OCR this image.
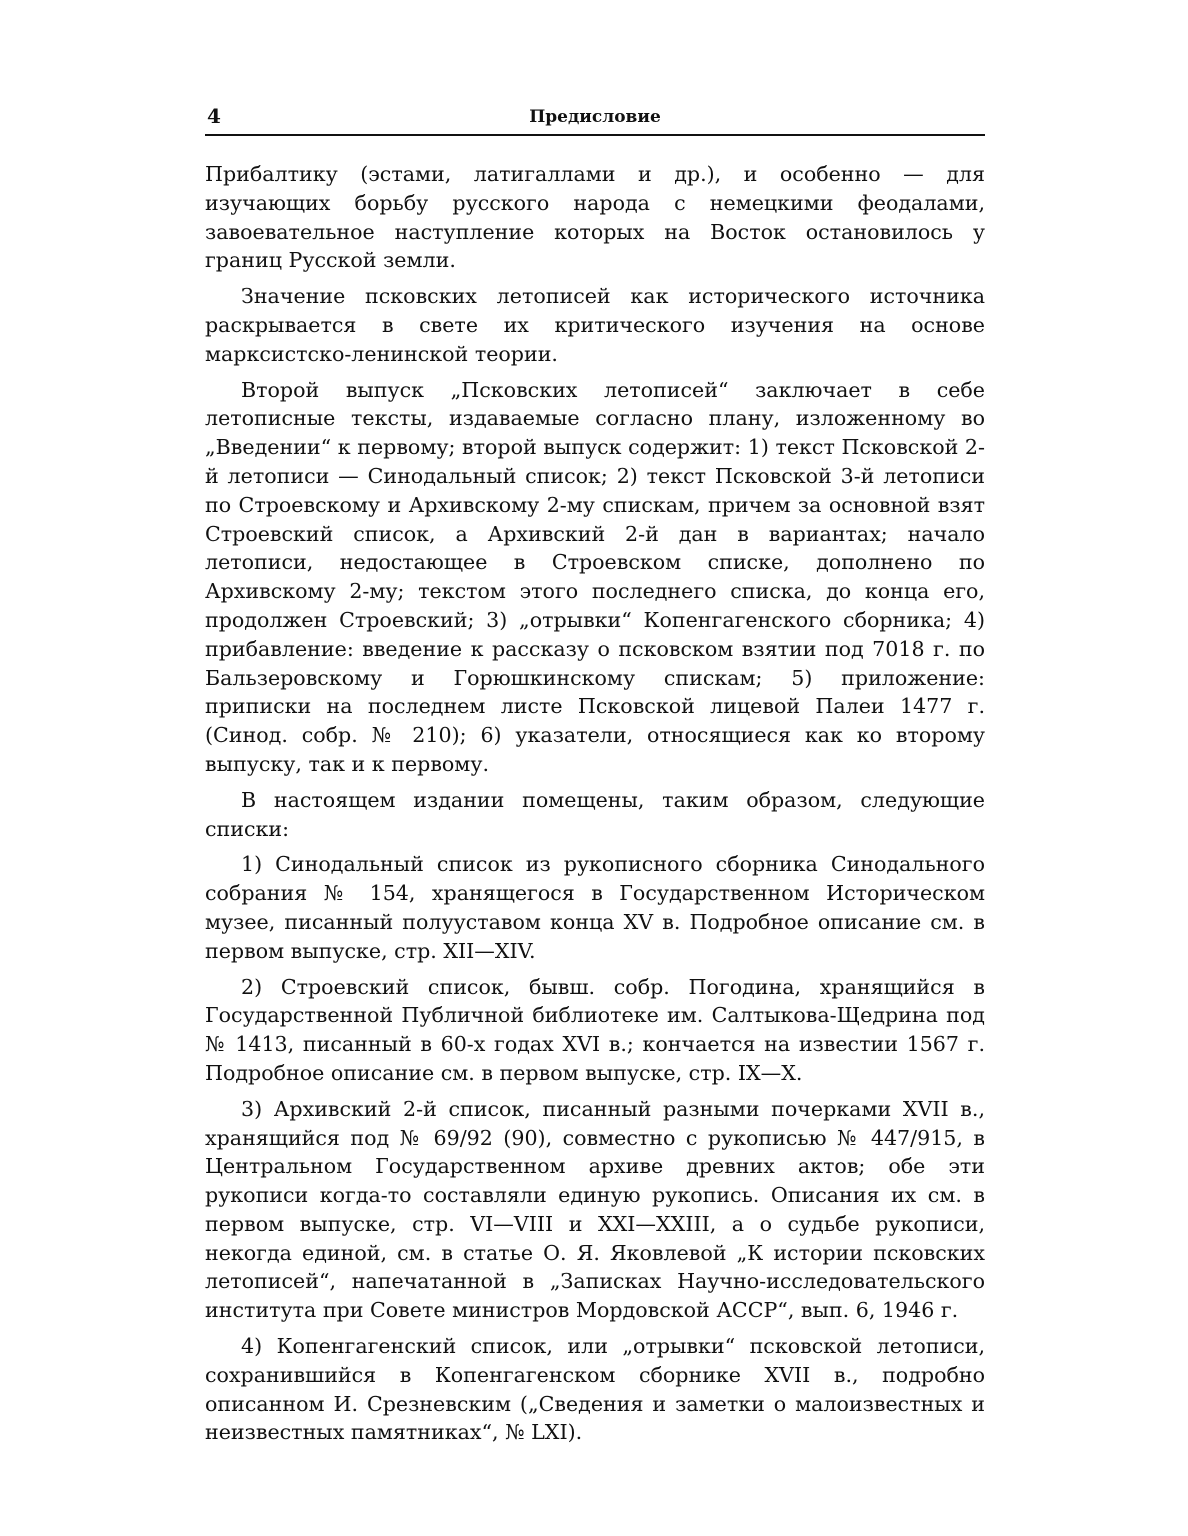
4	Предисловие

Прибалтику (эстами, латигаллами и др.), и особенно — для изучающих борьбу русского народа с немецкими феодалами, завоевательное наступление которых на Восток остановилось у границ Русской земли.

Значение псковских летописей как исторического источника раскрывается в свете их критического изучения на основе марксистско-ленинской теории.

Второй выпуск „Псковских летописей“ заключает в себе летописные тексты, издаваемые согласно плану, изложенному во „Введении“ к первому; второй выпуск содержит: 1) текст Псковской 2-й летописи — Синодальный список; 2) текст Псковской 3-й летописи по Строевскому и Архивскому 2-му спискам, причем за основной взят Строевский список, а Архивский 2-й дан в вариантах; начало летописи, недостающее в Строевском списке, дополнено по Архивскому 2-му; текстом этого последнего списка, до конца его, продолжен Строевский; 3) „отрывки“ Копенгагенского сборника; 4) прибавление: введение к рассказу о псковском взятии под 7018 г. по Бальзеровскому и Горюшкинскому спискам; 5) приложение: приписки на последнем листе Псковской лицевой Палеи 1477 г. (Синод. собр. № 210); 6) указатели, относящиеся как ко второму выпуску, так и к первому.

В настоящем издании помещены, таким образом, следующие списки:

1) Синодальный список из рукописного сборника Синодального собрания № 154, хранящегося в Государственном Историческом музее, писанный полууставом конца XV в. Подробное описание см. в первом выпуске, стр. XII—XIV.

2) Строевский список, бывш. собр. Погодина, хранящийся в Государственной Публичной библиотеке им. Салтыкова-Щедрина под № 1413, писанный в 60-х годах XVI в.; кончается на известии 1567 г. Подробное описание см. в первом выпуске, стр. IX—X.

3) Архивский 2-й список, писанный разными почерками XVII в., хранящийся под № 69/92 (90), совместно с рукописью № 447/915, в Центральном Государственном архиве древних актов; обе эти рукописи когда-то составляли единую рукопись. Описания их см. в первом выпуске, стр. VI—VIII и XXI—XXIII, а о судьбе рукописи, некогда единой, см. в статье О. Я. Яковлевой „К истории псковских летописей“, напечатанной в „Записках Научно-исследовательского института при Совете министров Мордовской АССР“, вып. 6, 1946 г.

4) Копенгагенский список, или „отрывки“ псковской летописи, сохранившийся в Копенгагенском сборнике XVII в., подробно описанном И. Срезневским („Сведения и заметки о малоизвестных и неизвестных памятниках“, № LXI).
